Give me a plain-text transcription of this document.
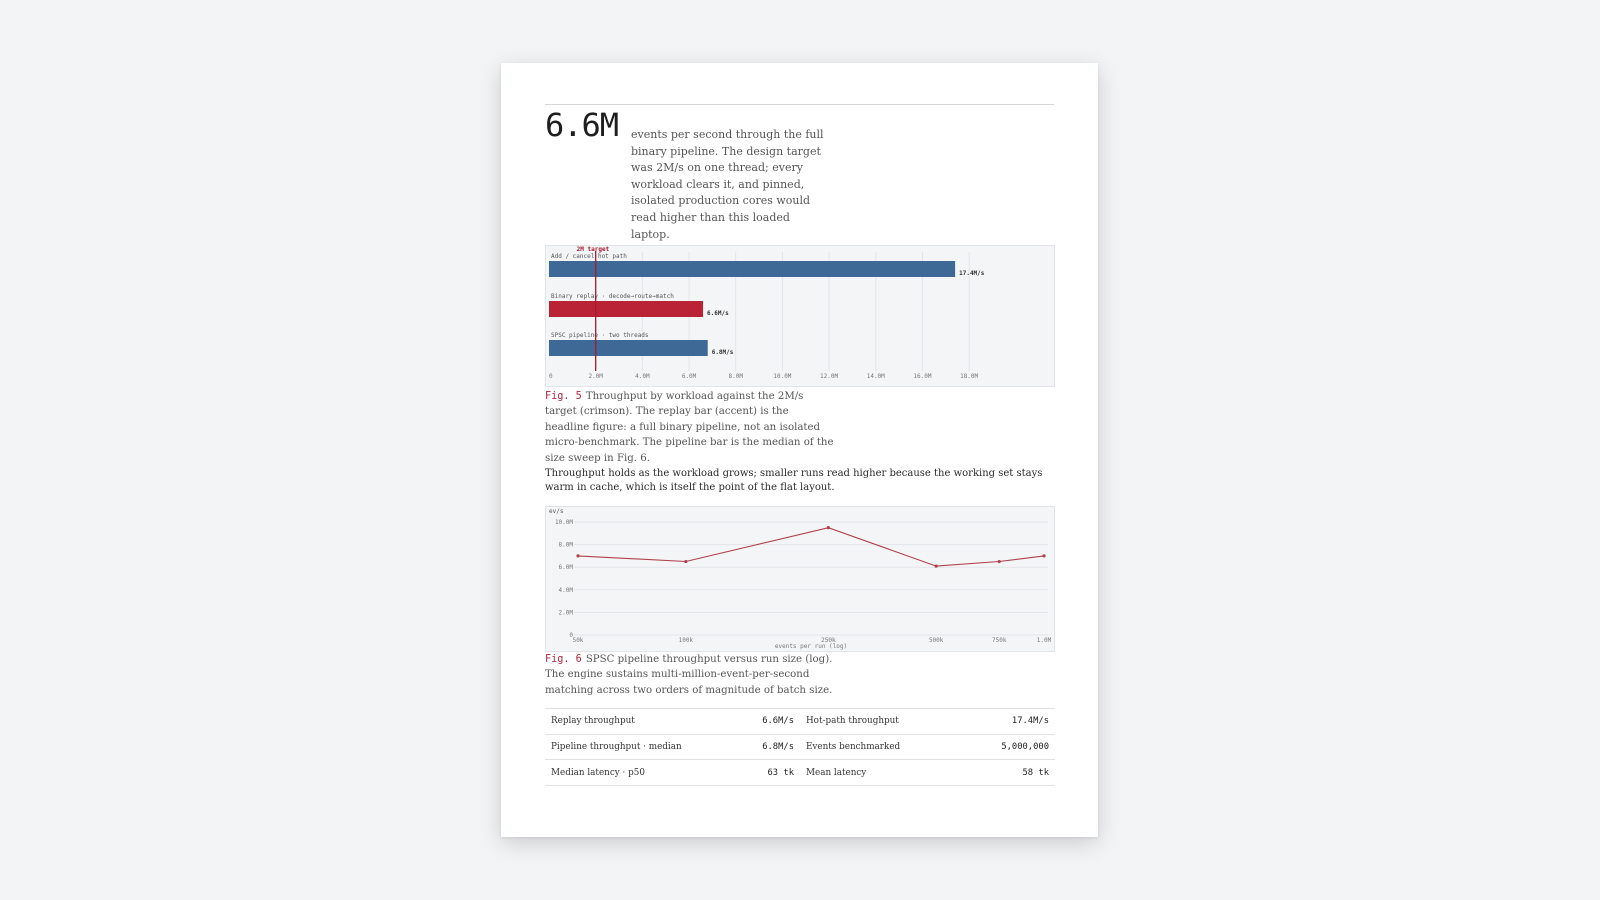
6.6M events per second through the full binary pipeline. The design target was 2M/s on one thread; every workload clears it, and pinned, isolated production cores would read higher than this loaded laptop.
0	2.0M	4.0M	6.0M	8.0M	10.0M	12.0M	14.0M	16.0M	18.0M
Add / cancel hot path
17.4M/s
Binary replay · decode→route→match
6.6M/s
SPSC pipeline · two threads
6.8M/s
2M target
Fig. 5 Throughput by workload against the 2M/s target (crimson). The replay bar (accent) is the headline figure: a full binary pipeline, not an isolated micro-benchmark. The pipeline bar is the median of the size sweep in Fig. 6.
Throughput holds as the workload grows; smaller runs read higher because the working set stays warm in cache, which is itself the point of the flat layout.
ev/s
0
2.0M
4.0M
6.0M
8.0M
10.0M
50k	100k	250k	500k	750k	1.0M
events per run (log)
Fig. 6 SPSC pipeline throughput versus run size (log). The engine sustains multi-million-event-per-second matching across two orders of magnitude of batch size.
Replay throughput	6.6M/s Hot-path throughput	17.4M/s
Pipeline throughput · median	6.8M/s Events benchmarked	5,000,000
Median latency · p50	63 tk Mean latency	58 tk
